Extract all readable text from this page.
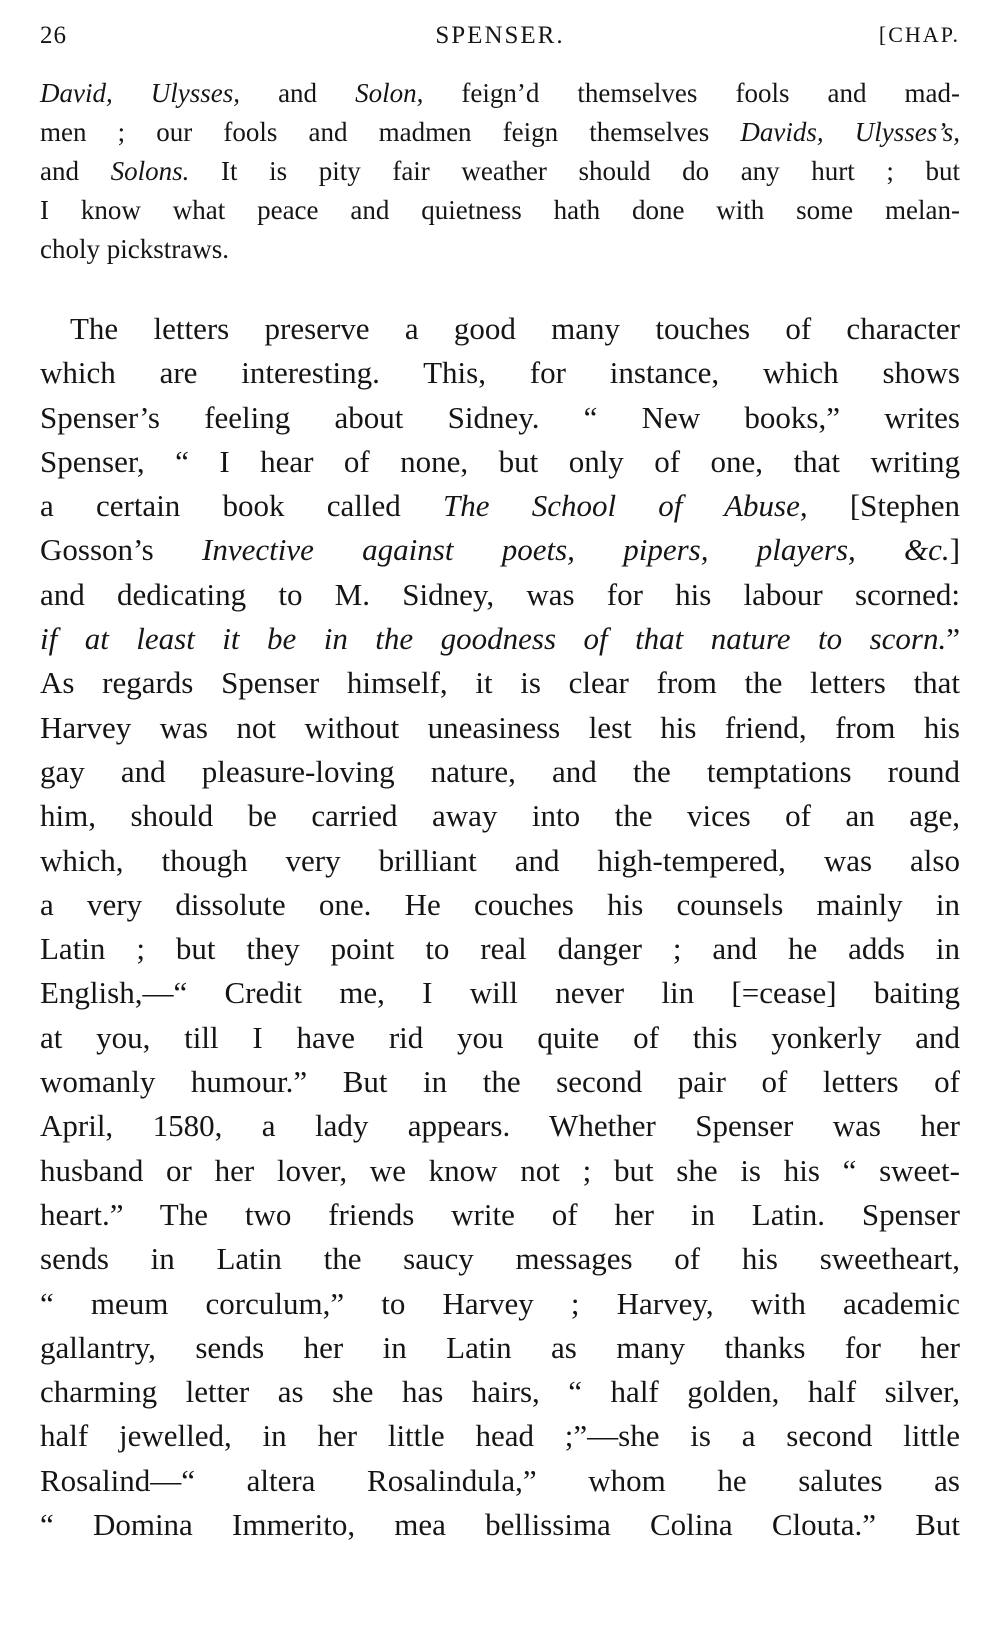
26	SPENSER.	[CHAP.
David, Ulysses, and Solon, feign’d themselves fools and mad-
men ; our fools and madmen feign themselves Davids, Ulysses’s,
and Solons. It is pity fair weather should do any hurt ; but
I know what peace and quietness hath done with some melan-
choly pickstraws.
The letters preserve a good many touches of character
which are interesting. This, for instance, which shows
Spenser’s feeling about Sidney. “ New books,” writes
Spenser, “ I hear of none, but only of one, that writing
a certain book called The School of Abuse, [Stephen
Gosson’s Invective against poets, pipers, players, &c.]
and dedicating to M. Sidney, was for his labour scorned:
if at least it be in the goodness of that nature to scorn.”
As regards Spenser himself, it is clear from the letters that
Harvey was not without uneasiness lest his friend, from his
gay and pleasure-loving nature, and the temptations round
him, should be carried away into the vices of an age,
which, though very brilliant and high-tempered, was also
a very dissolute one. He couches his counsels mainly in
Latin ; but they point to real danger ; and he adds in
English,—“ Credit me, I will never lin [=cease] baiting
at you, till I have rid you quite of this yonkerly and
womanly humour.” But in the second pair of letters of
April, 1580, a lady appears. Whether Spenser was her
husband or her lover, we know not ; but she is his “ sweet-
heart.” The two friends write of her in Latin. Spenser
sends in Latin the saucy messages of his sweetheart,
“ meum corculum,” to Harvey ; Harvey, with academic
gallantry, sends her in Latin as many thanks for her
charming letter as she has hairs, “ half golden, half silver,
half jewelled, in her little head ;”—she is a second little
Rosalind—“ altera Rosalindula,” whom he salutes as
“ Domina Immerito, mea bellissima Colina Clouta.” But
